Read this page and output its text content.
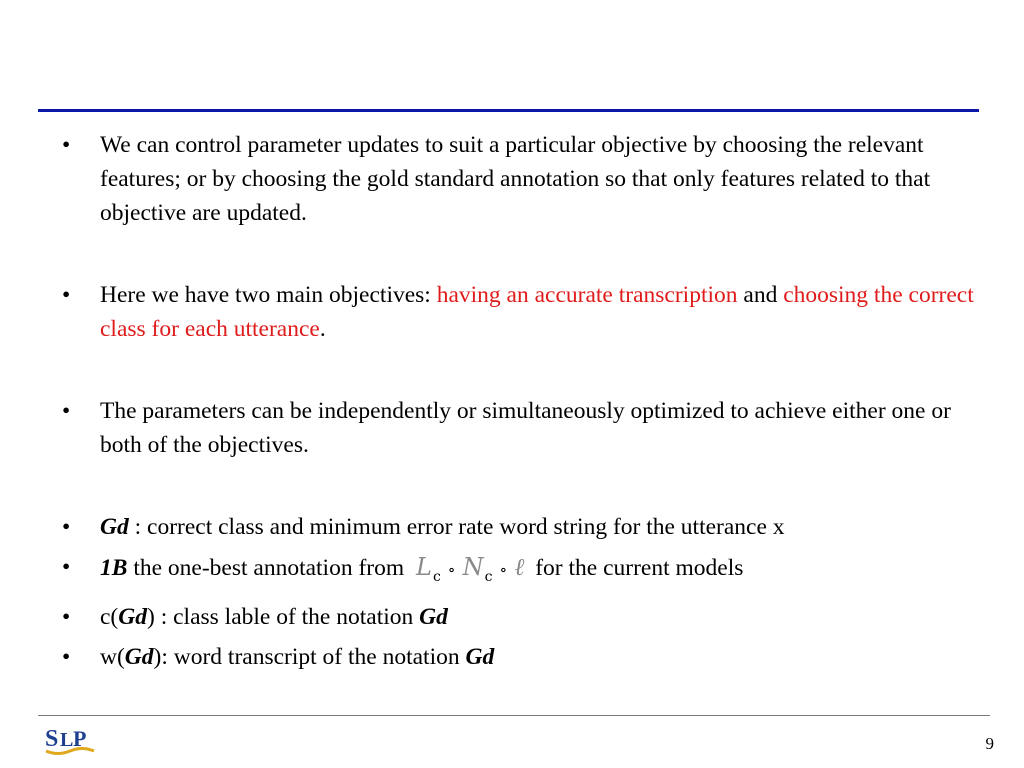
•	We can control parameter updates to suit a particular objective by choosing the relevant features; or by choosing the gold standard annotation so that only features related to that objective are updated.

•	Here we have two main objectives: having an accurate transcription and choosing the correct class for each utterance.

•	The parameters can be independently or simultaneously optimized to achieve either one or both of the objectives.

•	Gd : correct class and minimum error rate word string for the utterance x

•	1B the one-best annotation from $L_c$ ∘ $N_c$ ∘ ℓ for the current models

•	c(Gd) : class lable of the notation Gd

•	w(Gd): word transcript of the notation Gd

S L P	9
